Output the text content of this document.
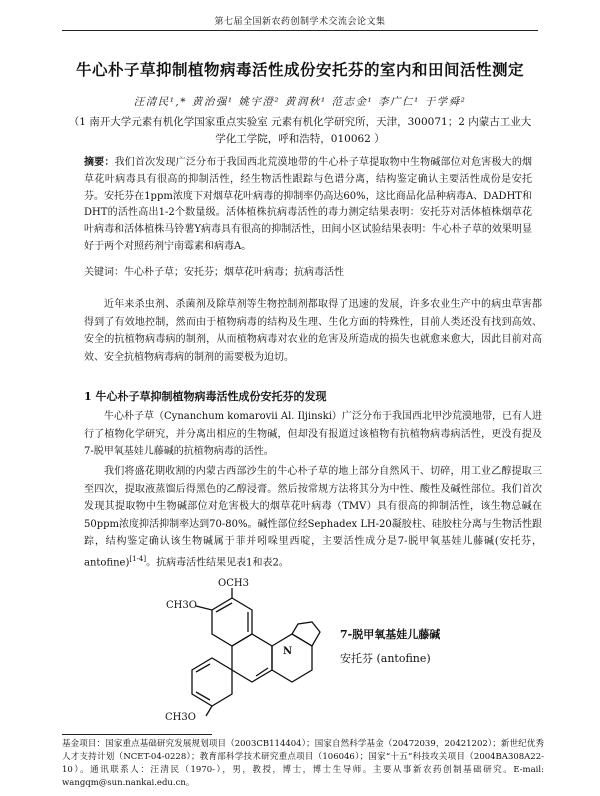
第七届全国新农药创制学术交流会论文集
牛心朴子草抑制植物病毒活性成份安托芬的室内和田间活性测定
汪清民¹,* 黄治强¹ 姚宇澄² 黄润秋¹ 范志金¹ 李广仁¹ 于学舜²
（1 南开大学元素有机化学国家重点实验室 元素有机化学研究所，天津，300071；2 内蒙古工业大学化工学院，呼和浩特，010062 ）
摘要：我们首次发现广泛分布于我国西北荒漠地带的牛心朴子草提取物中生物碱部位对危害极大的烟草花叶病毒具有很高的抑制活性，经生物活性跟踪与色谱分离，结构鉴定确认主要活性成份是安托芬。安托芬在1ppm浓度下对烟草花叶病毒的抑制率仍高达60%，这比商品化品种病毒A、DADHT和DHT的活性高出1-2个数量级。活体植株抗病毒活性的毒力测定结果表明：安托芬对活体植株烟草花叶病毒和活体植株马铃薯Y病毒具有很高的抑制活性，田间小区试验结果表明：牛心朴子草的效果明显好于两个对照药剂宁南霉素和病毒A。
关键词：牛心朴子草；安托芬；烟草花叶病毒；抗病毒活性
近年来杀虫剂、杀菌剂及除草剂等生物控制剂都取得了迅速的发展，许多农业生产中的病虫草害都得到了有效地控制，然而由于植物病毒的结构及生理、生化方面的特殊性，目前人类还没有找到高效、安全的抗植物病毒病的制剂，从而植物病毒对农业的危害及所造成的损失也就愈来愈大，因此目前对高效、安全抗植物病毒病的制剂的需要极为迫切。
1 牛心朴子草抑制植物病毒活性成份安托芬的发现
牛心朴子草（Cynanchum komarovii Al. Iljinski）广泛分布于我国西北甲沙荒漠地带，已有人进行了植物化学研究，并分离出相应的生物碱，但却没有报道过该植物有抗植物病毒病活性，更没有提及7-脱甲氧基娃儿藤碱的抗植物病毒的活性。
我们将盛花期收割的内蒙古西部沙生的牛心朴子草的地上部分自然风干、切碎，用工业乙醇提取三至四次，提取液蒸馏后得黑色的乙醇浸膏。然后按常规方法将其分为中性、酸性及碱性部位。我们首次发现其提取物中生物碱部位对危害极大的烟草花叶病毒（TMV）具有很高的抑制活性，该生物总碱在50ppm浓度抑活抑制率达到70-80%。碱性部位经Sephadex LH-20凝胶柱、硅胶柱分离与生物活性跟踪，结构鉴定确认该生物碱属于菲并吲哚里西啶，主要活性成分是7-脱甲氧基娃儿藤碱(安托芬，antofine)[1-4]。抗病毒活性结果见表1和表2。
OCH3
CH3O
CH3O
N
7-脱甲氧基娃儿藤碱
安托芬 (antofine)
基金项目：国家重点基础研究发展规划项目（2003CB114404）；国家自然科学基金（20472039，20421202）；新世纪优秀人才支持计划（NCET-04-0228）；教育部科学技术研究重点项目（106046）；国家“十五”科技攻关项目（2004BA308A22-10）。通讯联系人：汪清民（1970-），男，教授，博士，博士生导师。主要从事新农药创制基础研究。E-mail: wangqm@sun.nankai.edu.cn。
